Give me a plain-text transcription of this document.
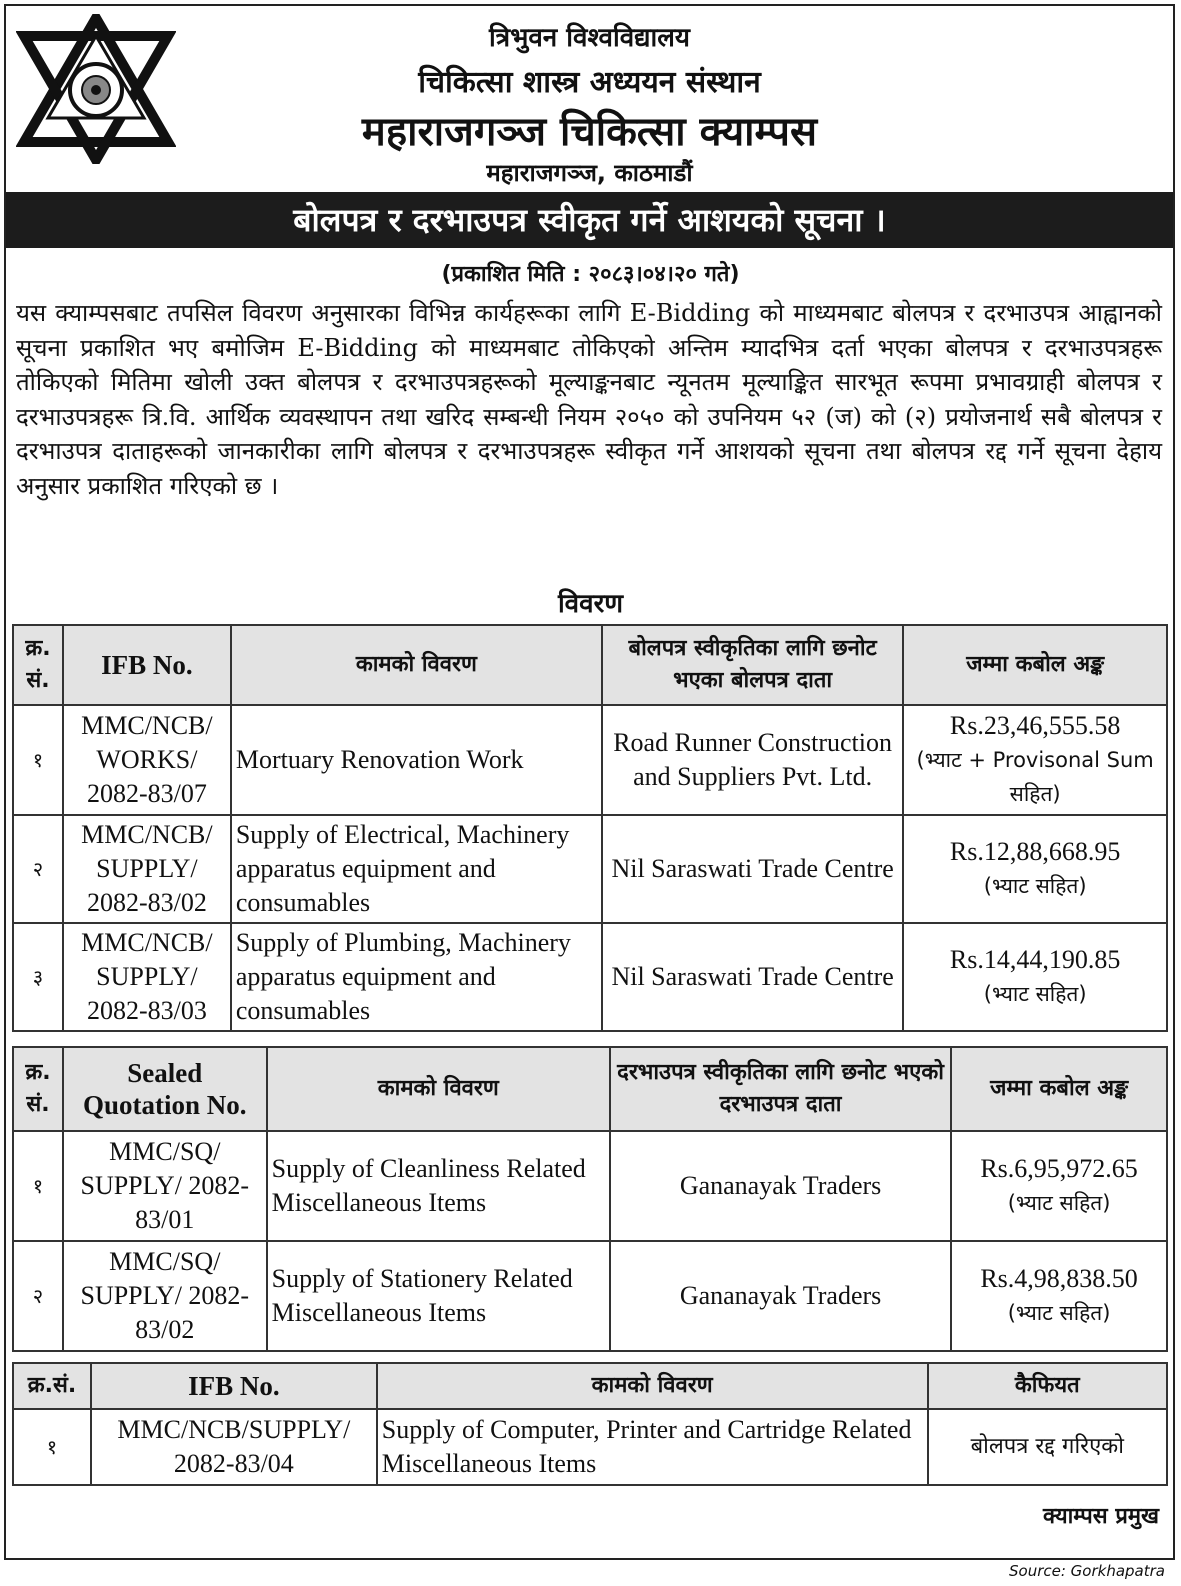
त्रिभुवन विश्वविद्यालय
चिकित्सा शास्त्र अध्ययन संस्थान
महाराजगञ्ज चिकित्सा क्याम्पस
महाराजगञ्ज, काठमाडौं
बोलपत्र र दरभाउपत्र स्वीकृत गर्ने आशयको सूचना ।
(प्रकाशित मिति : २०८३।०४।२० गते)
यस क्याम्पसबाट तपसिल विवरण अनुसारका विभिन्न कार्यहरूका लागि E-Bidding को माध्यमबाट बोलपत्र र दरभाउपत्र आह्वानको सूचना प्रकाशित भए बमोजिम E-Bidding को माध्यमबाट तोकिएको अन्तिम म्यादभित्र दर्ता भएका बोलपत्र र दरभाउपत्रहरू तोकिएको मितिमा खोली उक्त बोलपत्र र दरभाउपत्रहरूको मूल्याङ्कनबाट न्यूनतम मूल्याङ्कित सारभूत रूपमा प्रभावग्राही बोलपत्र र दरभाउपत्रहरू त्रि.वि. आर्थिक व्यवस्थापन तथा खरिद सम्बन्धी नियम २०५० को उपनियम ५२ (ज) को (२) प्रयोजनार्थ सबै बोलपत्र र दरभाउपत्र दाताहरूको जानकारीका लागि बोलपत्र र दरभाउपत्रहरू स्वीकृत गर्ने आशयको सूचना तथा बोलपत्र रद्द गर्ने सूचना देहाय अनुसार प्रकाशित गरिएको छ ।
विवरण
क्र. सं.	IFB No.	कामको विवरण	बोलपत्र स्वीकृतिका लागि छनोट भएका बोलपत्र दाता	जम्मा कबोल अङ्क
१	MMC/NCB/ WORKS/ 2082-83/07	Mortuary Renovation Work	Road Runner Construction and Suppliers Pvt. Ltd.	Rs.23,46,555.58
(भ्याट + Provisonal Sum सहित)

२	MMC/NCB/ SUPPLY/ 2082-83/02	Supply of Electrical, Machinery apparatus equipment and consumables	Nil Saraswati Trade Centre	Rs.12,88,668.95
(भ्याट सहित)

३	MMC/NCB/ SUPPLY/ 2082-83/03	Supply of Plumbing, Machinery apparatus equipment and consumables	Nil Saraswati Trade Centre	Rs.14,44,190.85
(भ्याट सहित)
क्र. सं.	Sealed Quotation No.	कामको विवरण	दरभाउपत्र स्वीकृतिका लागि छनोट भएको दरभाउपत्र दाता	जम्मा कबोल अङ्क
१	MMC/SQ/ SUPPLY/ 2082-83/01	Supply of Cleanliness Related Miscellaneous Items	Gananayak Traders	Rs.6,95,972.65
(भ्याट सहित)

२	MMC/SQ/ SUPPLY/ 2082-83/02	Supply of Stationery Related Miscellaneous Items	Gananayak Traders	Rs.4,98,838.50
(भ्याट सहित)
क्र.सं.	IFB No.	कामको विवरण	कैफियत
१	MMC/NCB/SUPPLY/ 2082-83/04	Supply of Computer, Printer and Cartridge Related Miscellaneous Items	बोलपत्र रद्द गरिएको
क्याम्पस प्रमुख
Source: Gorkhapatra
